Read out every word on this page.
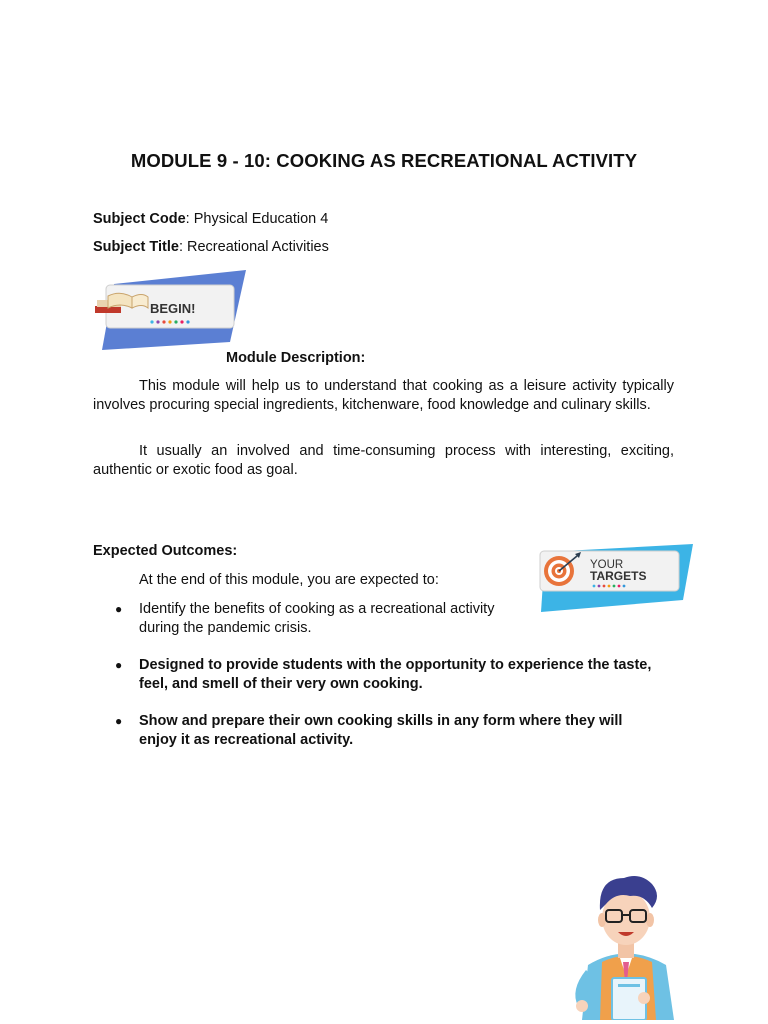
MODULE 9 - 10: COOKING AS RECREATIONAL ACTIVITY
Subject Code: Physical Education 4
Subject Title: Recreational Activities
BEGIN!
Module Description:
This module will help us to understand that cooking as a leisure activity typically involves procuring special ingredients, kitchenware, food knowledge and culinary skills.
It usually an involved and time-consuming process with interesting, exciting, authentic or exotic food as goal.
Expected Outcomes:
YOUR
TARGETS
At the end of this module, you are expected to:
● Identify the benefits of cooking as a recreational activity during the pandemic crisis.
● Designed to provide students with the opportunity to experience the taste, feel, and smell of their very own cooking.
● Show and prepare their own cooking skills in any form where they will enjoy it as recreational activity.
